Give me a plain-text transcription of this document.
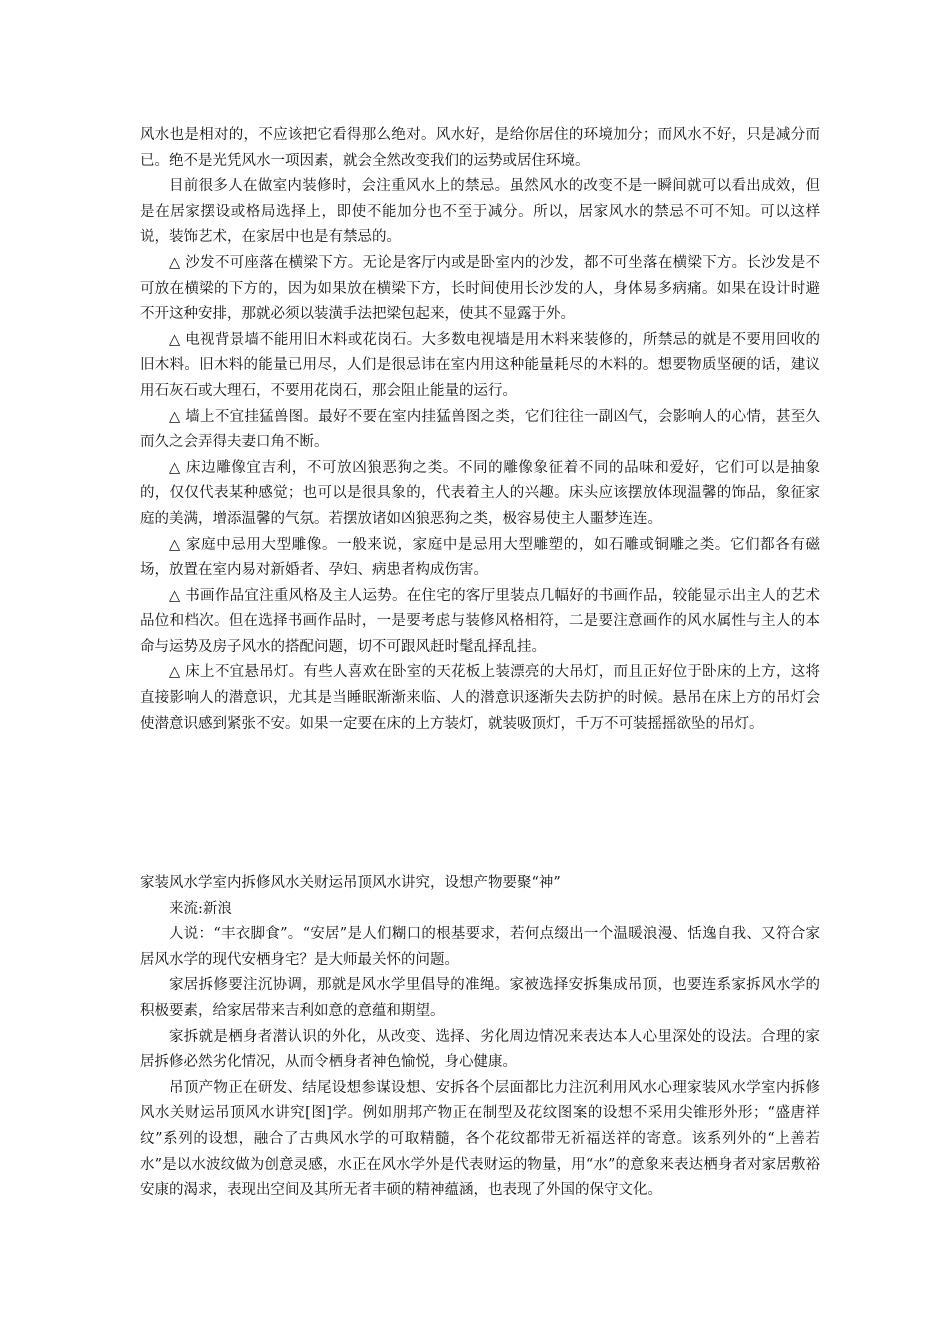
风水也是相对的，不应该把它看得那么绝对。风水好，是给你居住的环境加分；而风水不好，只是减分而已。绝不是光凭风水一项因素，就会全然改变我们的运势或居住环境。

目前很多人在做室内装修时，会注重风水上的禁忌。虽然风水的改变不是一瞬间就可以看出成效，但是在居家摆设或格局选择上，即使不能加分也不至于减分。所以，居家风水的禁忌不可不知。可以这样说，装饰艺术，在家居中也是有禁忌的。

△ 沙发不可座落在横梁下方。无论是客厅内或是卧室内的沙发，都不可坐落在横梁下方。长沙发是不可放在横梁的下方的，因为如果放在横梁下方，长时间使用长沙发的人，身体易多病痛。如果在设计时避不开这种安排，那就必须以装潢手法把梁包起来，使其不显露于外。

△ 电视背景墙不能用旧木料或花岗石。大多数电视墙是用木料来装修的，所禁忌的就是不要用回收的旧木料。旧木料的能量已用尽，人们是很忌讳在室内用这种能量耗尽的木料的。想要物质坚硬的话，建议用石灰石或大理石，不要用花岗石，那会阻止能量的运行。

△ 墙上不宜挂猛兽图。最好不要在室内挂猛兽图之类，它们往往一副凶气，会影响人的心情，甚至久而久之会弄得夫妻口角不断。

△ 床边雕像宜吉利，不可放凶狼恶狗之类。不同的雕像象征着不同的品味和爱好，它们可以是抽象的，仅仅代表某种感觉；也可以是很具象的，代表着主人的兴趣。床头应该摆放体现温馨的饰品，象征家庭的美满，增添温馨的气氛。若摆放诸如凶狼恶狗之类，极容易使主人噩梦连连。

△ 家庭中忌用大型雕像。一般来说，家庭中是忌用大型雕塑的，如石雕或铜雕之类。它们都各有磁场，放置在室内易对新婚者、孕妇、病患者构成伤害。

△ 书画作品宜注重风格及主人运势。在住宅的客厅里装点几幅好的书画作品，较能显示出主人的艺术品位和档次。但在选择书画作品时，一是要考虑与装修风格相符，二是要注意画作的风水属性与主人的本命与运势及房子风水的搭配问题，切不可跟风赶时髦乱择乱挂。

△ 床上不宜悬吊灯。有些人喜欢在卧室的天花板上装漂亮的大吊灯，而且正好位于卧床的上方，这将直接影响人的潜意识，尤其是当睡眠渐渐来临、人的潜意识逐渐失去防护的时候。悬吊在床上方的吊灯会使潜意识感到紧张不安。如果一定要在床的上方装灯，就装吸顶灯，千万不可装摇摇欲坠的吊灯。

家装风水学室内拆修风水关财运吊顶风水讲究，设想产物要聚“神”

来流:新浪

人说：“丰衣脚食”。“安居”是人们糊口的根基要求，若何点缀出一个温暖浪漫、恬逸自我、又符合家居风水学的现代安栖身宅？是大师最关怀的问题。

家居拆修要注沉协调，那就是风水学里倡导的准绳。家被选择安拆集成吊顶，也要连系家拆风水学的积极要素，给家居带来吉利如意的意蕴和期望。

家拆就是栖身者潜认识的外化，从改变、选择、劣化周边情况来表达本人心里深处的设法。合理的家居拆修必然劣化情况，从而令栖身者神色愉悦，身心健康。

吊顶产物正在研发、结尾设想参谋设想、安拆各个层面都比力注沉利用风水心理家装风水学室内拆修风水关财运吊顶风水讲究[图]学。例如朋邦产物正在制型及花纹图案的设想不采用尖锥形外形；“盛唐祥纹”系列的设想，融合了古典风水学的可取精髓，各个花纹都带无祈福送祥的寄意。该系列外的“上善若水”是以水波纹做为创意灵感，水正在风水学外是代表财运的物量，用“水”的意象来表达栖身者对家居敷裕安康的渴求，表现出空间及其所无者丰硕的精神蕴涵，也表现了外国的保守文化。
